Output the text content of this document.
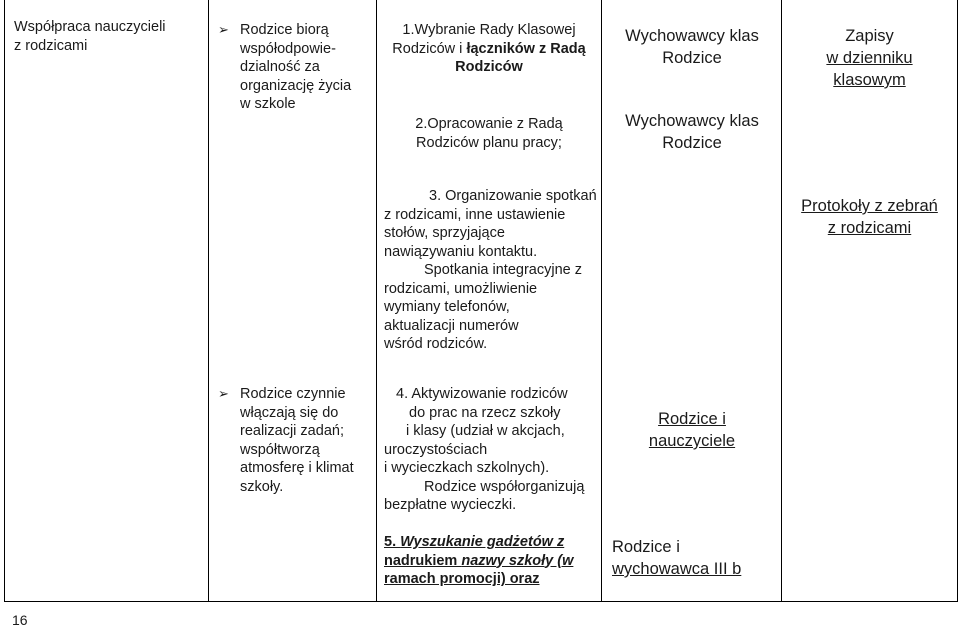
Współpraca nauczycieli
z rodzicami
➢ Rodzice biorą
współodpowie-
dzialność za
organizację życia
w szkole
1.Wybranie Rady Klasowej
Rodziców i łączników z Radą
Rodziców
2.Opracowanie z Radą
Rodziców planu pracy;
Wychowawcy klas
Rodzice
Wychowawcy klas
Rodzice
Zapisy
w dzienniku
klasowym
3. Organizowanie spotkań
z rodzicami, inne ustawienie
stołów, sprzyjające
nawiązywaniu kontaktu.
Spotkania integracyjne z
rodzicami, umożliwienie
wymiany telefonów,
aktualizacji numerów
wśród rodziców.
Protokoły z zebrań
z rodzicami
➢ Rodzice czynnie
włączają się do
realizacji zadań;
współtworzą
atmosferę i klimat
szkoły.
4. Aktywizowanie rodziców
do prac na rzecz szkoły
i klasy (udział w akcjach,
uroczystościach
i wycieczkach szkolnych).
Rodzice współorganizują
bezpłatne wycieczki.
Rodzice i
nauczyciele
5. Wyszukanie gadżetów z
nadrukiem nazwy szkoły (w
ramach promocji) oraz
Rodzice i
wychowawca III b
16
